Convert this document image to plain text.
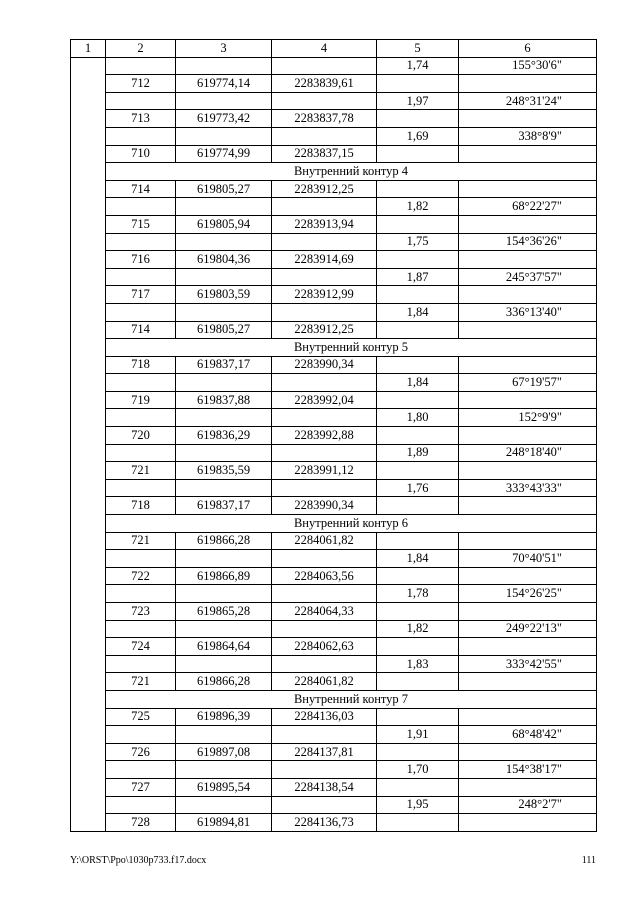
1	2	3	4	5	6
				1,74	155°30'6"
	712	619774,14	2283839,61		
				1,97	248°31'24"
	713	619773,42	2283837,78		
				1,69	338°8'9"
	710	619774,99	2283837,15		
	Внутренний контур 4				
	714	619805,27	2283912,25		
				1,82	68°22'27"
	715	619805,94	2283913,94		
				1,75	154°36'26"
	716	619804,36	2283914,69		
				1,87	245°37'57"
	717	619803,59	2283912,99		
				1,84	336°13'40"
	714	619805,27	2283912,25		
	Внутренний контур 5				
	718	619837,17	2283990,34		
				1,84	67°19'57"
	719	619837,88	2283992,04		
				1,80	152°9'9"
	720	619836,29	2283992,88		
				1,89	248°18'40"
	721	619835,59	2283991,12		
				1,76	333°43'33"
	718	619837,17	2283990,34		
	Внутренний контур 6				
	721	619866,28	2284061,82		
				1,84	70°40'51"
	722	619866,89	2284063,56		
				1,78	154°26'25"
	723	619865,28	2284064,33		
				1,82	249°22'13"
	724	619864,64	2284062,63		
				1,83	333°42'55"
	721	619866,28	2284061,82		
	Внутренний контур 7				
	725	619896,39	2284136,03		
				1,91	68°48'42"
	726	619897,08	2284137,81		
				1,70	154°38'17"
	727	619895,54	2284138,54		
				1,95	248°2'7"
	728	619894,81	2284136,73		
Y:\ORST\Ppo\1030p733.f17.docx	111
